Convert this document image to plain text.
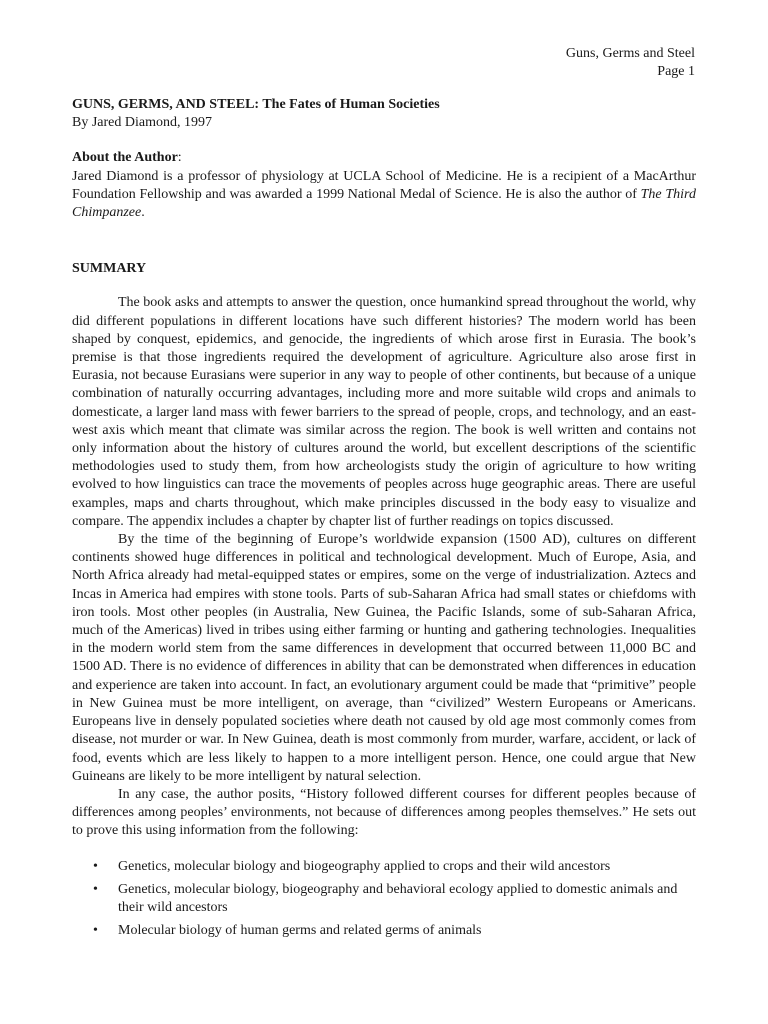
Guns, Germs and Steel
Page 1
GUNS, GERMS, AND STEEL: The Fates of Human Societies
By Jared Diamond, 1997
About the Author:
Jared Diamond is a professor of physiology at UCLA School of Medicine. He is a recipient of a MacArthur Foundation Fellowship and was awarded a 1999 National Medal of Science. He is also the author of The Third Chimpanzee.
SUMMARY

The book asks and attempts to answer the question, once humankind spread throughout the world, why did different populations in different locations have such different histories? The modern world has been shaped by conquest, epidemics, and genocide, the ingredients of which arose first in Eurasia. The book’s premise is that those ingredients required the development of agriculture. Agriculture also arose first in Eurasia, not because Eurasians were superior in any way to people of other continents, but because of a unique combination of naturally occurring advantages, including more and more suitable wild crops and animals to domesticate, a larger land mass with fewer barriers to the spread of people, crops, and technology, and an east-west axis which meant that climate was similar across the region. The book is well written and contains not only information about the history of cultures around the world, but excellent descriptions of the scientific methodologies used to study them, from how archeologists study the origin of agriculture to how writing evolved to how linguistics can trace the movements of peoples across huge geographic areas. There are useful examples, maps and charts throughout, which make principles discussed in the body easy to visualize and compare. The appendix includes a chapter by chapter list of further readings on topics discussed.

By the time of the beginning of Europe’s worldwide expansion (1500 AD), cultures on different continents showed huge differences in political and technological development. Much of Europe, Asia, and North Africa already had metal-equipped states or empires, some on the verge of industrialization. Aztecs and Incas in America had empires with stone tools. Parts of sub-Saharan Africa had small states or chiefdoms with iron tools. Most other peoples (in Australia, New Guinea, the Pacific Islands, some of sub-Saharan Africa, much of the Americas) lived in tribes using either farming or hunting and gathering technologies. Inequalities in the modern world stem from the same differences in development that occurred between 11,000 BC and 1500 AD. There is no evidence of differences in ability that can be demonstrated when differences in education and experience are taken into account. In fact, an evolutionary argument could be made that “primitive” people in New Guinea must be more intelligent, on average, than “civilized” Western Europeans or Americans. Europeans live in densely populated societies where death not caused by old age most commonly comes from disease, not murder or war. In New Guinea, death is most commonly from murder, warfare, accident, or lack of food, events which are less likely to happen to a more intelligent person. Hence, one could argue that New Guineans are likely to be more intelligent by natural selection.

In any case, the author posits, “History followed different courses for different peoples because of differences among peoples’ environments, not because of differences among peoples themselves.” He sets out to prove this using information from the following:

• Genetics, molecular biology and biogeography applied to crops and their wild ancestors
• Genetics, molecular biology, biogeography and behavioral ecology applied to domestic animals and their wild ancestors
• Molecular biology of human germs and related germs of animals
